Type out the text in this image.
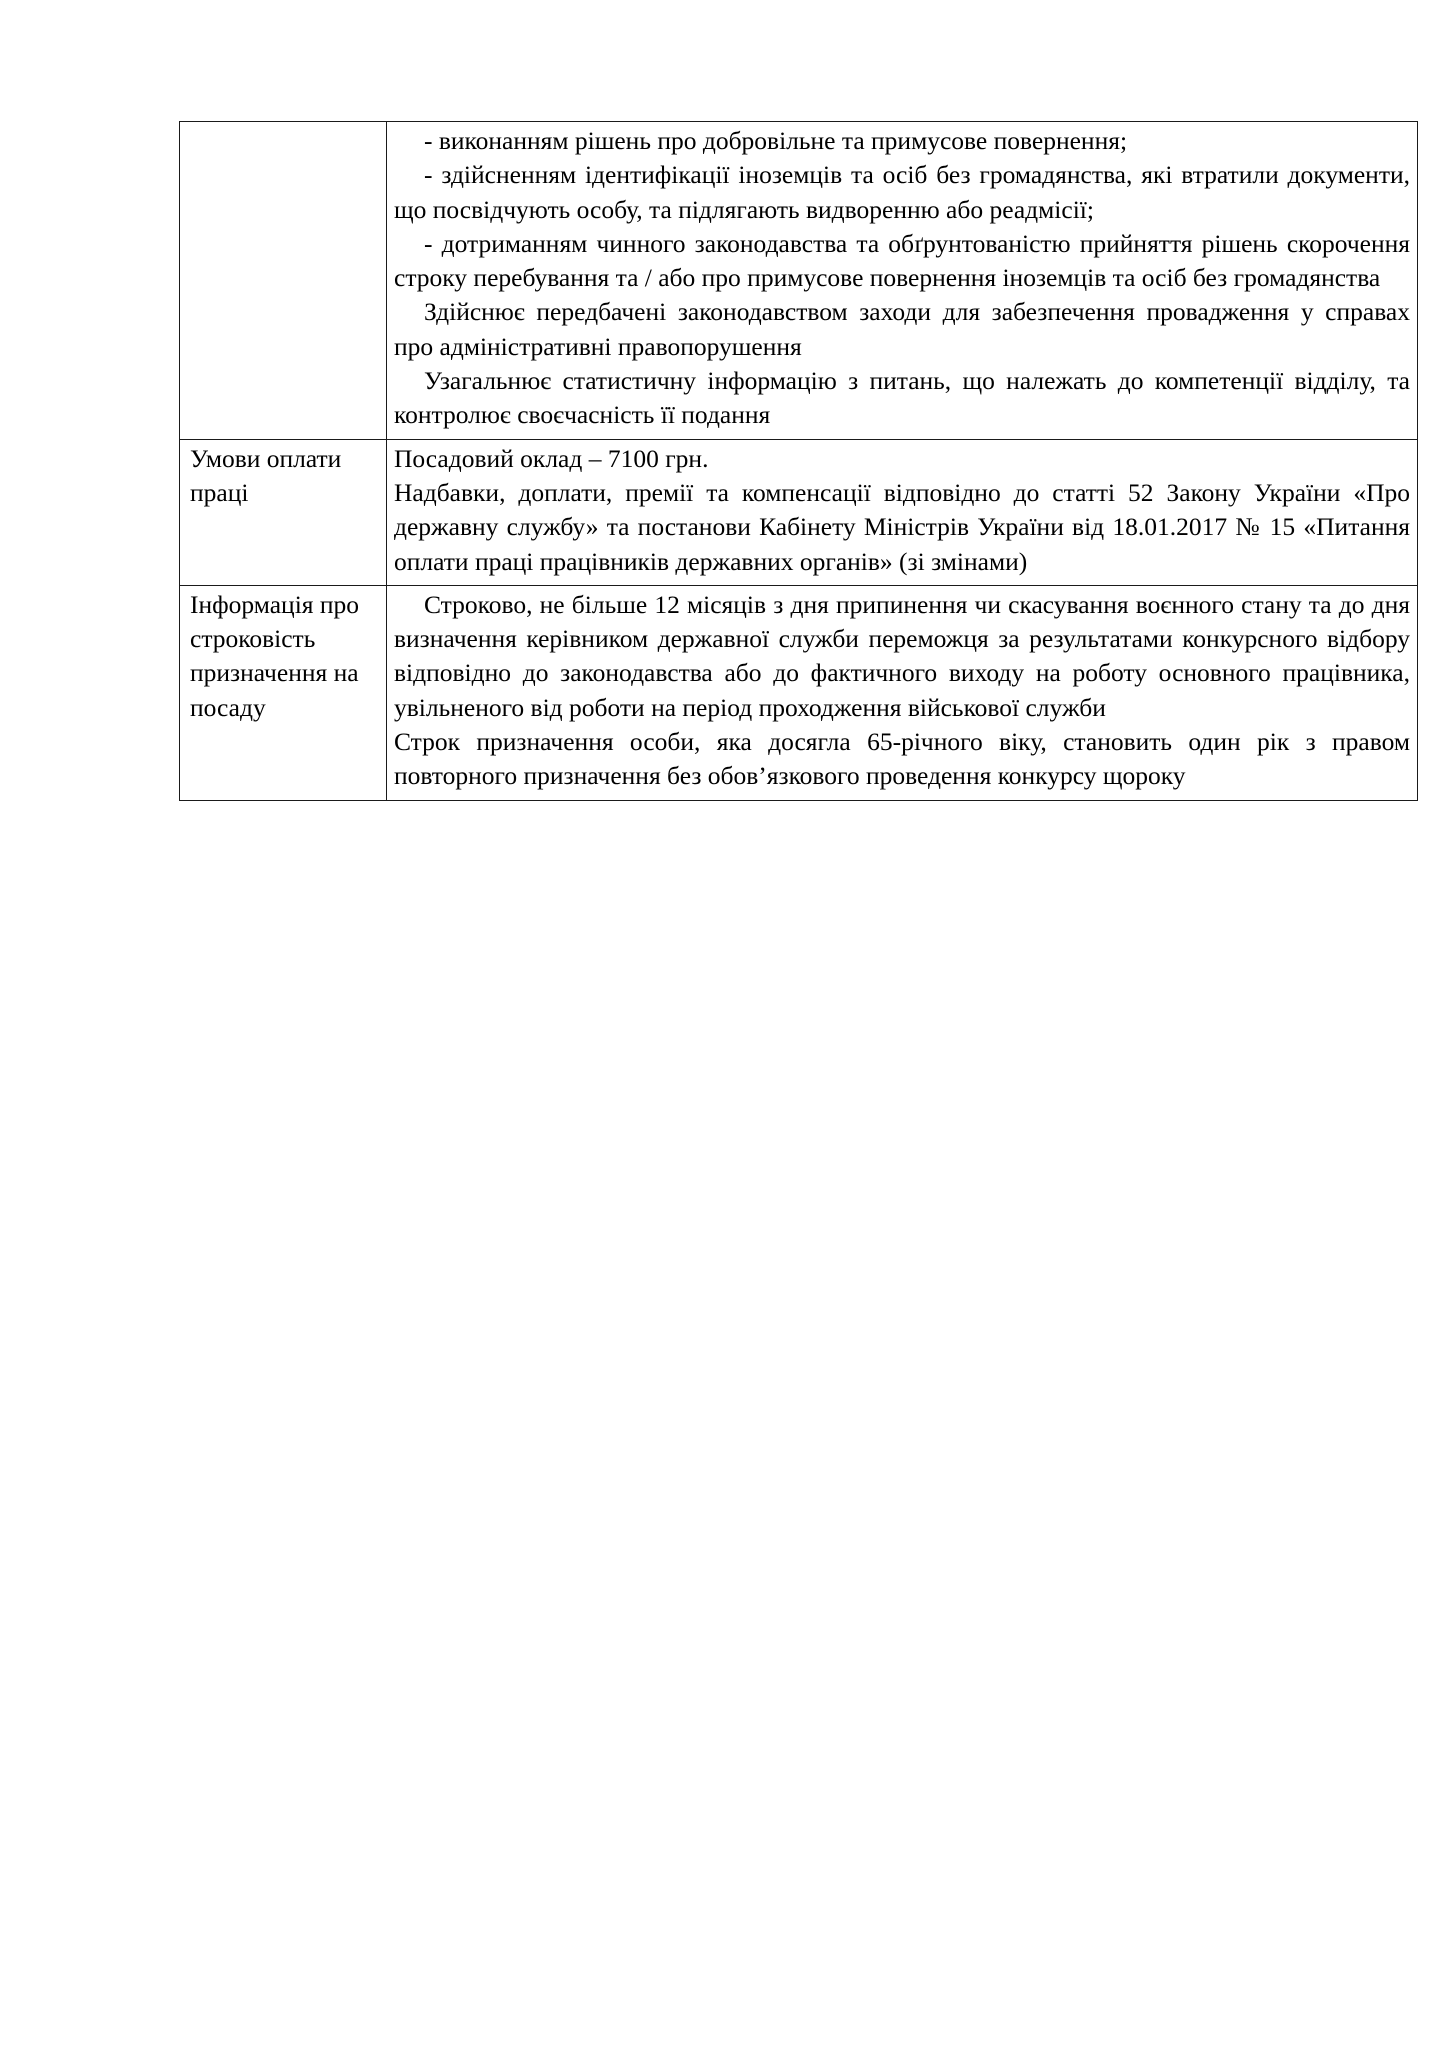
	- виконанням рішень про добровільне та примусове повернення;

- здійсненням ідентифікації іноземців та осіб без громадянства, які втратили документи, що посвідчують особу, та підлягають видворенню або реадмісії;

- дотриманням чинного законодавства та обґрунтованістю прийняття рішень скорочення строку перебування та / або про примусове повернення іноземців та осіб без громадянства

Здійснює передбачені законодавством заходи для забезпечення провадження у справах про адміністративні правопорушення

Узагальнює статистичну інформацію з питань, що належать до компетенції відділу, та контролює своєчасність її подання

Умови оплати праці	Посадовий оклад – 7100 грн.

Надбавки, доплати, премії та компенсації відповідно до статті 52 Закону України «Про державну службу» та постанови Кабінету Міністрів України від 18.01.2017 № 15 «Питання оплати праці працівників державних органів» (зі змінами)

Інформація про строковість призначення на посаду	Строково, не більше 12 місяців з дня припинення чи скасування воєнного стану та до дня визначення керівником державної служби переможця за результатами конкурсного відбору відповідно до законодавства або до фактичного виходу на роботу основного працівника, увільненого від роботи на період проходження військової служби

Строк призначення особи, яка досягла 65-річного віку, становить один рік з правом повторного призначення без обов’язкового проведення конкурсу щороку
